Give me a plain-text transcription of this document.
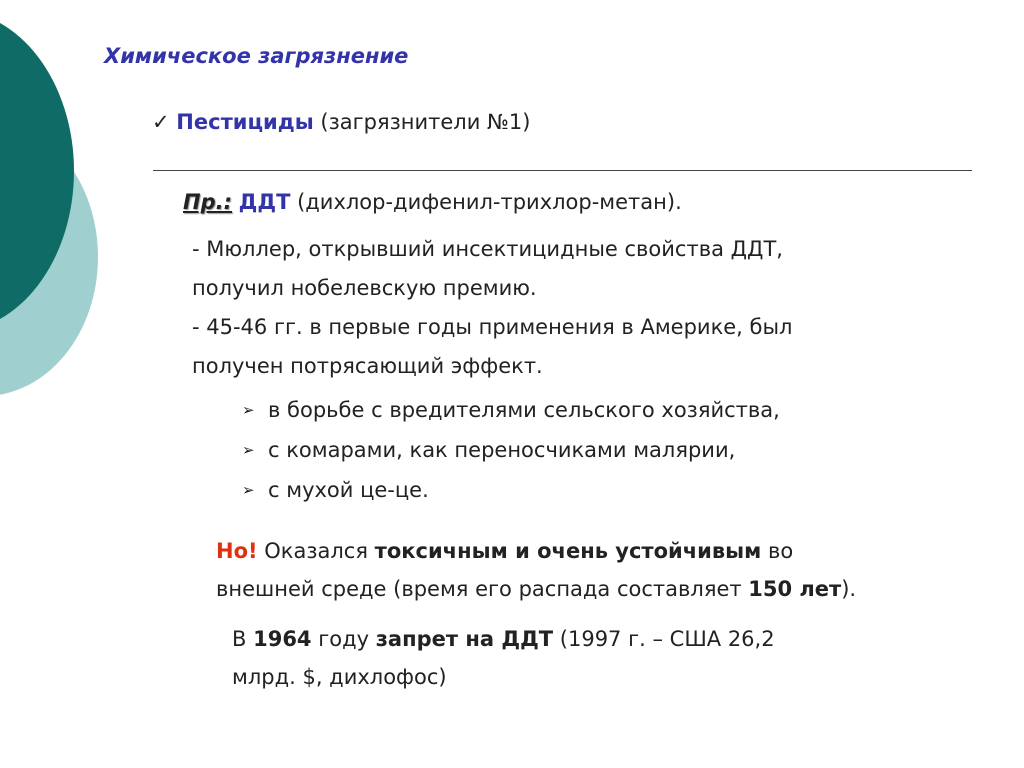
Химическое загрязнение
✓ Пестициды (загрязнители №1)
Пр.: ДДТ (дихлор-дифенил-трихлор-метан).

- Мюллер, открывший инсектицидные свойства ДДТ,

получил нобелевскую премию.

- 45-46 гг. в первые годы применения в Америке, был

получен потрясающий эффект.

➢ в борьбе с вредителями сельского хозяйства,
➢ с комарами, как переносчиками малярии,
➢ с мухой це-це.

Но! Оказался токсичным и очень устойчивым во

внешней среде (время его распада составляет 150 лет).

В 1964 году запрет на ДДТ (1997 г. – США 26,2

млрд. $, дихлофос)
